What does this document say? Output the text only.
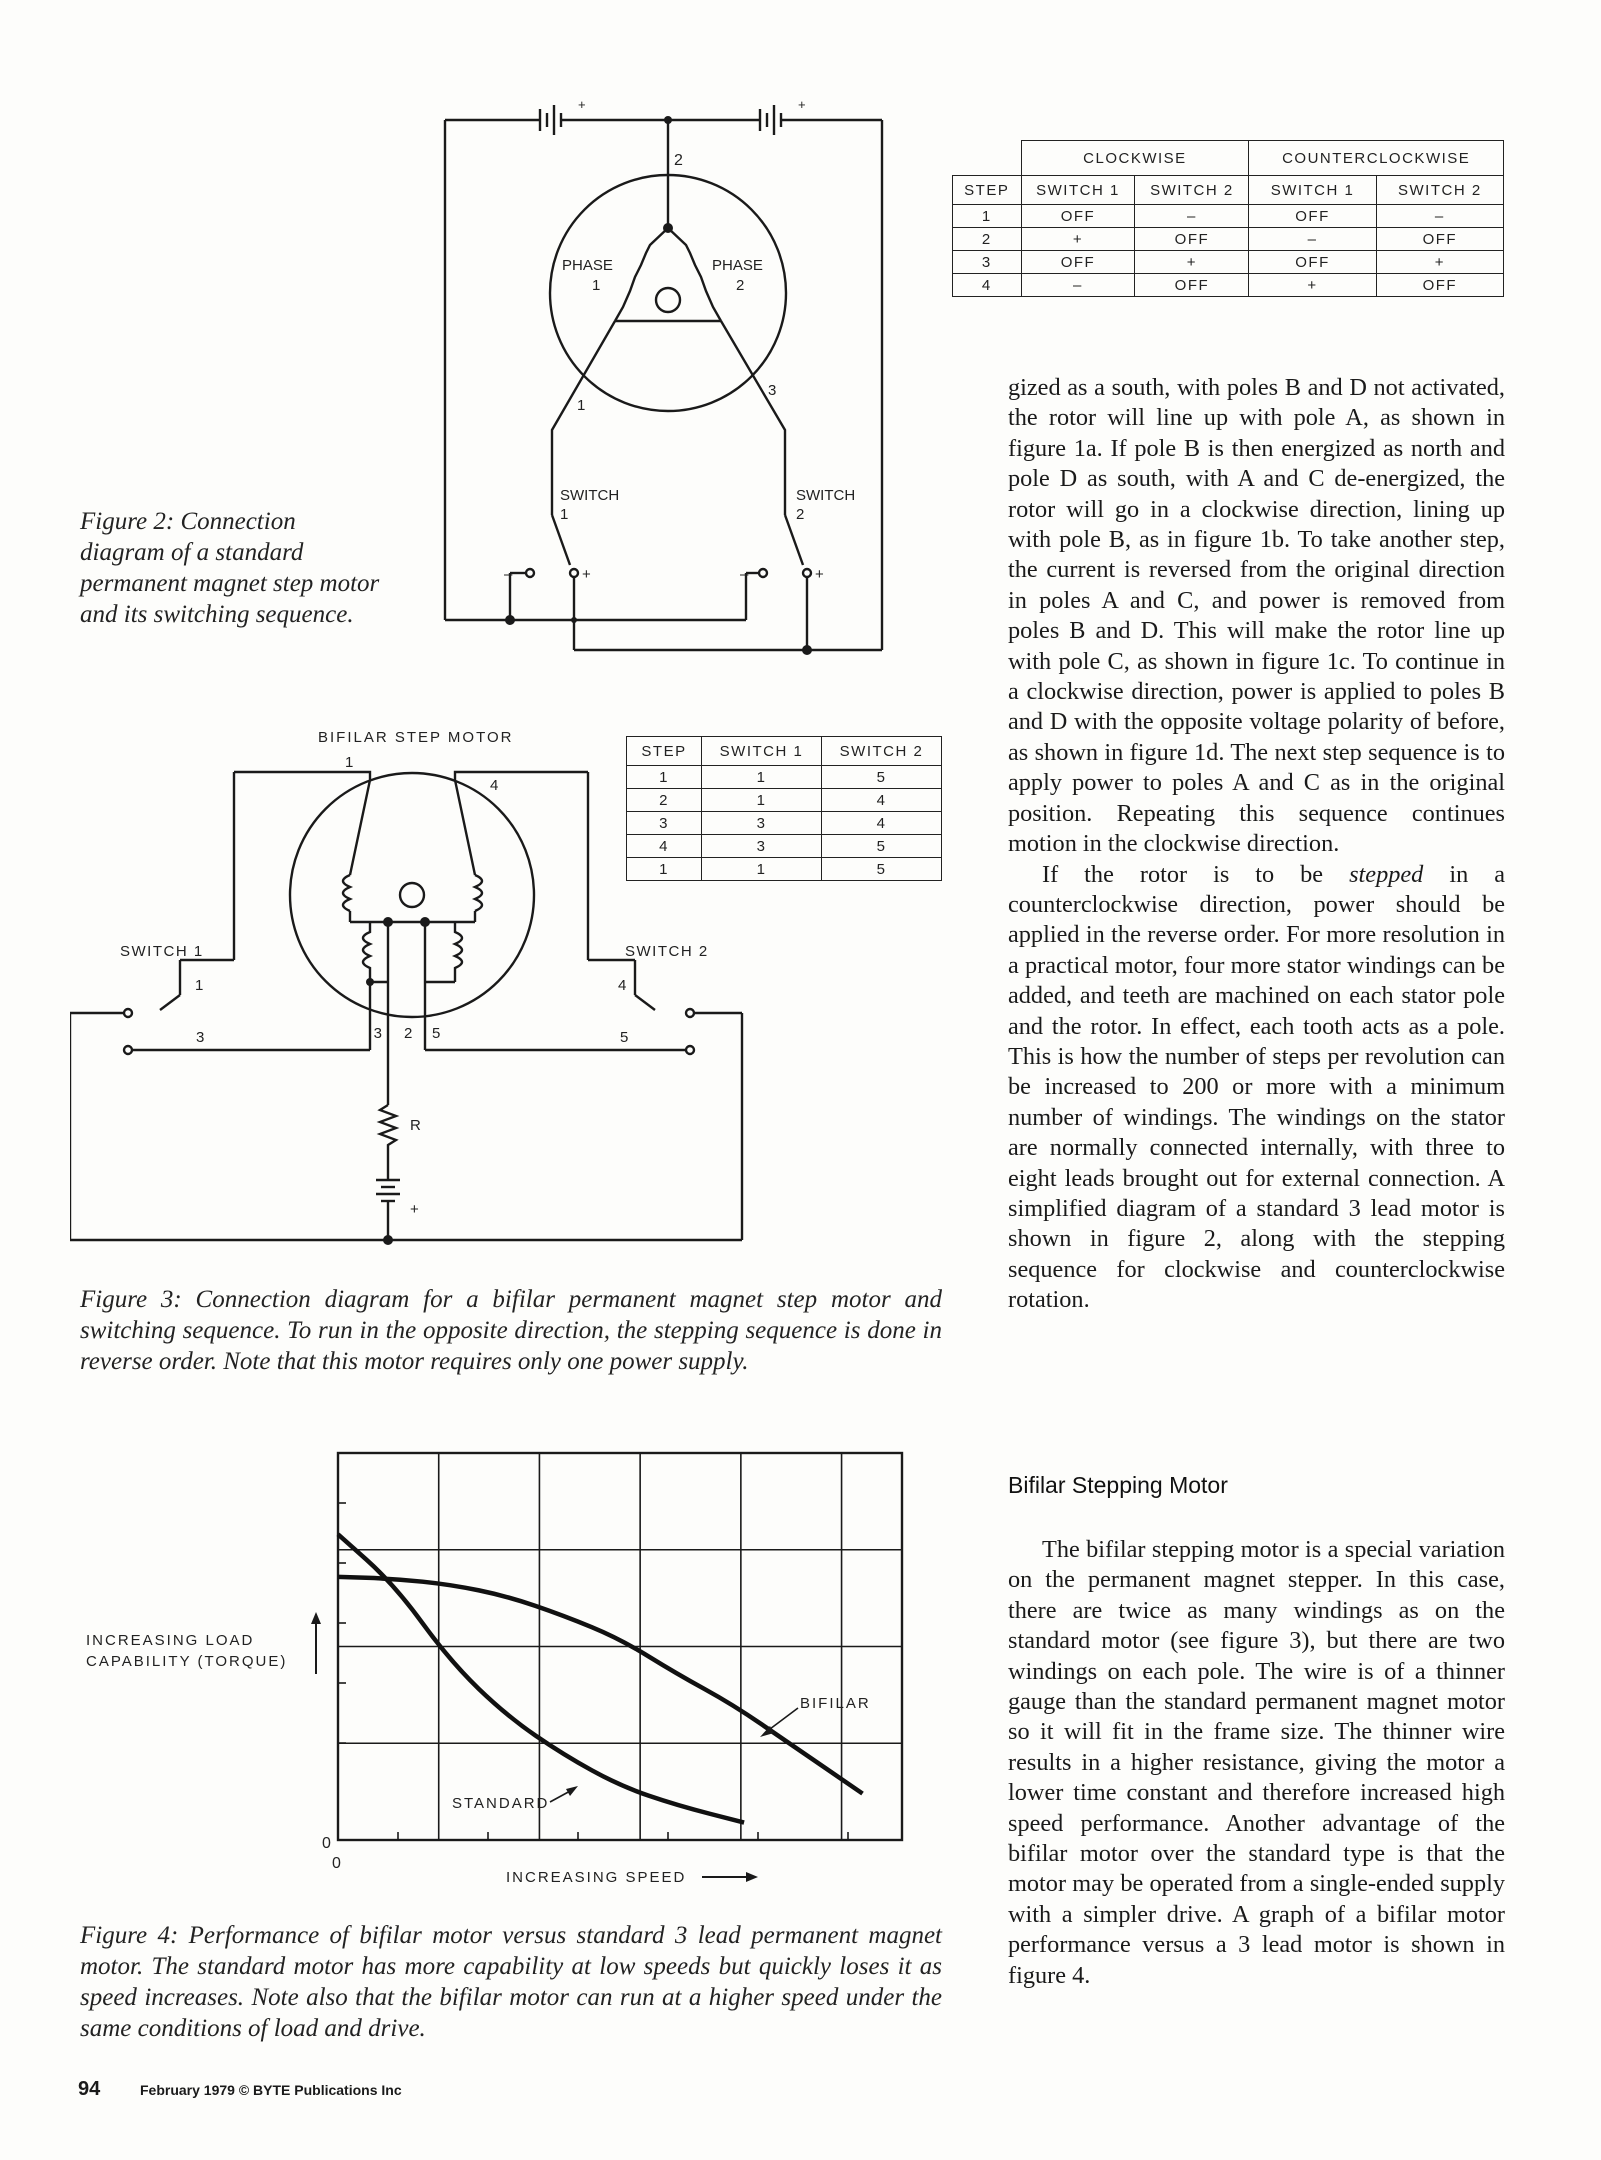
+	+
2
PHASE
1
PHASE
2
1
3
SWITCH
1
SWITCH
2
–	+	–	+
Figure 2: Connection diagram of a standard permanent magnet step motor and its switching sequence.
	CLOCKWISE		COUNTERCLOCKWISE	
STEP	SWITCH 1	SWITCH 2	SWITCH 1	SWITCH 2
1	OFF	–	OFF	–
2	+	OFF	–	OFF
3	OFF	+	OFF	+
4	–	OFF	+	OFF
BIFILAR STEP MOTOR
1
4
SWITCH 1	SWITCH 2
1
3
4
5
3 2 5
R
+
STEP	SWITCH 1	SWITCH 2
1	1	5
2	1	4
3	3	4
4	3	5
1	1	5
Figure 3: Connection diagram for a bifilar permanent magnet step motor and switching sequence. To run in the opposite direction, the stepping sequence is done in reverse order. Note that this motor requires only one power supply.
INCREASING LOAD
CAPABILITY (TORQUE)
0
0
INCREASING SPEED
BIFILAR
STANDARD
Figure 4: Performance of bifilar motor versus standard 3 lead permanent magnet motor. The standard motor has more capability at low speeds but quickly loses it as speed increases. Note also that the bifilar motor can run at a higher speed under the same conditions of load and drive.

gized as a south, with poles B and D not activated, the rotor will line up with pole A, as shown in figure 1a. If pole B is then energized as north and pole D as south, with A and C de-energized, the rotor will go in a clockwise direction, lining up with pole B, as in figure 1b. To take another step, the current is reversed from the original direction in poles A and C, and power is removed from poles B and D. This will make the rotor line up with pole C, as shown in figure 1c. To continue in a clockwise direction, power is applied to poles B and D with the opposite voltage polarity of before, as shown in figure 1d. The next step sequence is to apply power to poles A and C as in the original position. Repeating this sequence continues motion in the clockwise direction.

If the rotor is to be stepped in a counterclockwise direction, power should be applied in the reverse order. For more resolution in a practical motor, four more stator windings can be added, and teeth are machined on each stator pole and the rotor. In effect, each tooth acts as a pole. This is how the number of steps per revolution can be increased to 200 or more with a minimum number of windings. The windings on the stator are normally connected internally, with three to eight leads brought out for external connection. A simplified diagram of a standard 3 lead motor is shown in figure 2, along with the stepping sequence for clockwise and counterclockwise rotation.

Bifilar Stepping Motor

The bifilar stepping motor is a special variation on the permanent magnet stepper. In this case, there are twice as many windings as on the standard motor (see figure 3), but there are two windings on each pole. The wire is of a thinner gauge than the standard permanent magnet motor so it will fit in the frame size. The thinner wire results in a higher resistance, giving the motor a lower time constant and therefore increased high speed performance. Another advantage of the bifilar motor over the standard type is that the motor may be operated from a single-ended supply with a simpler drive. A graph of a bifilar motor performance versus a 3 lead motor is shown in figure 4.

94	February 1979 © BYTE Publications Inc
